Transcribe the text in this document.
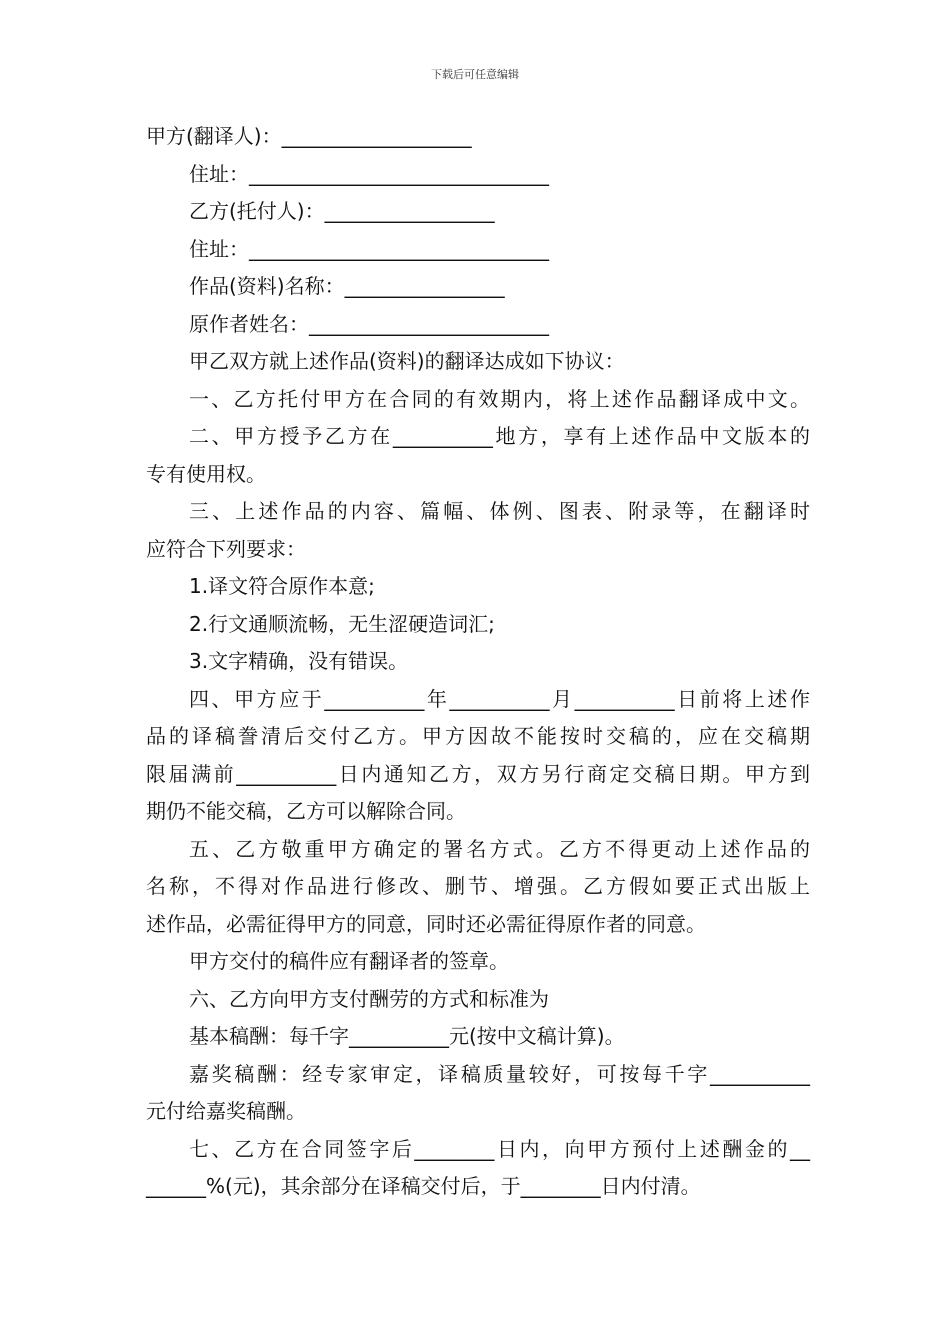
下载后可任意编辑
甲方(翻译人)：___________________
住址：______________________________
乙方(托付人)：_________________
住址：______________________________
作品(资料)名称：________________
原作者姓名：________________________
甲乙双方就上述作品(资料)的翻译达成如下协议：
一、乙方托付甲方在合同的有效期内，将上述作品翻译成中文。
二、甲方授予乙方在__________地方，享有上述作品中文版本的
专有使用权。
三、上述作品的内容、篇幅、体例、图表、附录等，在翻译时
应符合下列要求：
1.译文符合原作本意;
2.行文通顺流畅，无生涩硬造词汇;
3.文字精确，没有错误。
四、甲方应于__________年__________月__________日前将上述作
品的译稿誊清后交付乙方。甲方因故不能按时交稿的，应在交稿期
限届满前__________日内通知乙方，双方另行商定交稿日期。甲方到
期仍不能交稿，乙方可以解除合同。
五、乙方敬重甲方确定的署名方式。乙方不得更动上述作品的
名称，不得对作品进行修改、删节、增强。乙方假如要正式出版上
述作品，必需征得甲方的同意，同时还必需征得原作者的同意。
甲方交付的稿件应有翻译者的签章。
六、乙方向甲方支付酬劳的方式和标准为
基本稿酬：每千字__________元(按中文稿计算)。
嘉奖稿酬：经专家审定，译稿质量较好，可按每千字__________
元付给嘉奖稿酬。
七、乙方在合同签字后________日内，向甲方预付上述酬金的__
______%(元)，其余部分在译稿交付后，于________日内付清。
